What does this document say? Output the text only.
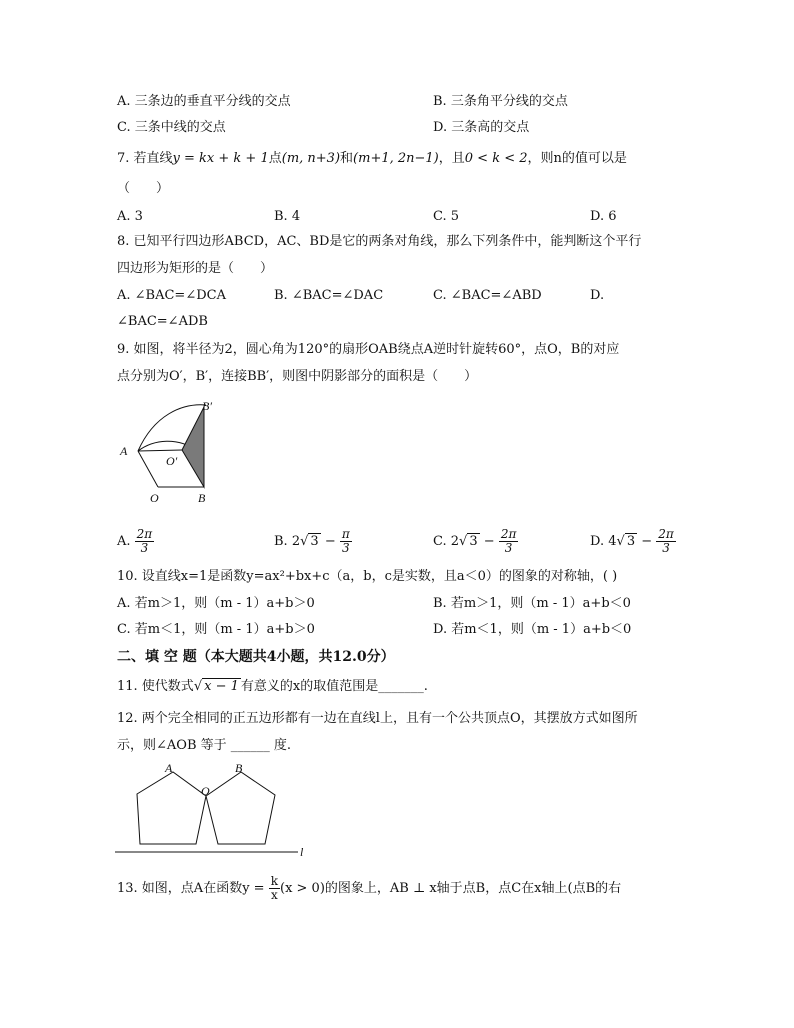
A. 三条边的垂直平分线的交点	B. 三条角平分线的交点
C. 三条中线的交点	D. 三条高的交点
7. 若直线y = kx + k + 1点(m, n+3)和(m+1, 2n−1)，且0 < k < 2，则n的值可以是
（　　）
A. 3	B. 4	C. 5	D. 6
8. 已知平行四边形ABCD，AC、BD是它的两条对角线，那么下列条件中，能判断这个平行
四边形为矩形的是（　　）
A. ∠BAC=∠DCA	B. ∠BAC=∠DAC	C. ∠BAC=∠ABD	D.
∠BAC=∠ADB
9. 如图，将半径为2，圆心角为120°的扇形OAB绕点A逆时针旋转60°，点O，B的对应
点分别为O′，B′，连接BB′，则图中阴影部分的面积是（　　）
A
O	B
O′
B′
A. $\frac{2\pi}{3}$	B. 2√ $3 - \frac{\pi}{3}$	C. 2√ $3 - \frac{2\pi}{3}$	D. 4√ $3 - \frac{2\pi}{3}$
10. 设直线x=1是函数y=ax²+bx+c（a，b，c是实数，且a＜0）的图象的对称轴，( )
A. 若m＞1，则（m - 1）a+b＞0	B. 若m＞1，则（m - 1）a+b＜0
C. 若m＜1，则（m - 1）a+b＞0	D. 若m＜1，则（m - 1）a+b＜0
二、填 空 题（本大题共4小题，共12.0分）
11. 使代数式√ x − 1 有意义的x的取值范围是_______.
12. 两个完全相同的正五边形都有一边在直线l上，且有一个公共顶点O，其摆放方式如图所
示，则∠AOB 等于 ______ 度.
A	B
O
l
13. 如图，点A在函数$y = \frac{k}{x} (x > 0)$的图象上，AB ⊥ x轴于点B，点C在x轴上(点B的右
